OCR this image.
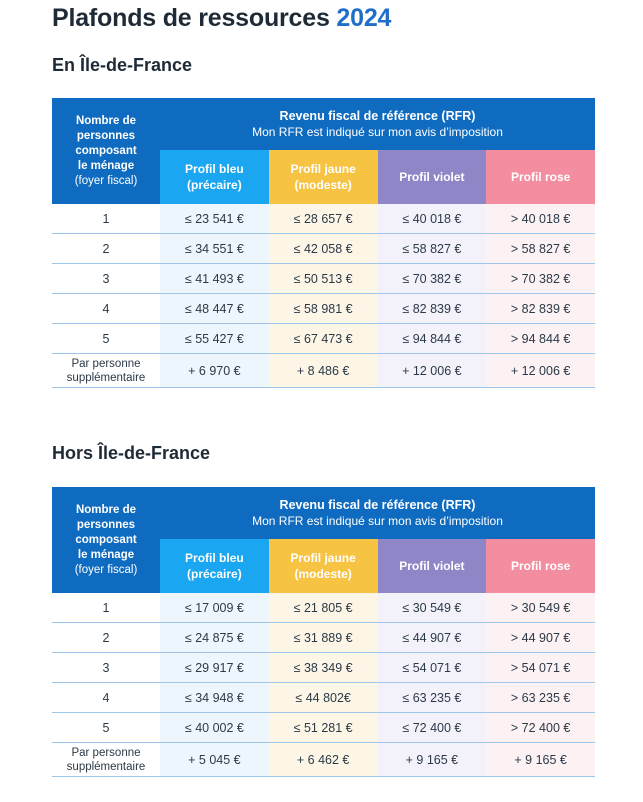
Plafonds de ressources 2024
En Île-de-France
Nombre de
personnes
composant
le ménage
(foyer fiscal)
Revenu fiscal de référence (RFR)
Mon RFR est indiqué sur mon avis d’imposition
Profil bleu
(précaire)
Profil jaune
(modeste)
Profil violet	Profil rose
1	≤ 23 541 €	≤ 28 657 €	≤ 40 018 €	> 40 018 €
2	≤ 34 551 €	≤ 42 058 €	≤ 58 827 €	> 58 827 €
3	≤ 41 493 €	≤ 50 513 €	≤ 70 382 €	> 70 382 €
4	≤ 48 447 €	≤ 58 981 €	≤ 82 839 €	> 82 839 €
5	≤ 55 427 €	≤ 67 473 €	≤ 94 844 €	> 94 844 €
Par personne
supplémentaire	+ 6 970 €	+ 8 486 €	+ 12 006 €	+ 12 006 €
Hors Île-de-France
Nombre de
personnes
composant
le ménage
(foyer fiscal)
Revenu fiscal de référence (RFR)
Mon RFR est indiqué sur mon avis d’imposition
Profil bleu
(précaire)
Profil jaune
(modeste)
Profil violet	Profil rose
1	≤ 17 009 €	≤ 21 805 €	≤ 30 549 €	> 30 549 €
2	≤ 24 875 €	≤ 31 889 €	≤ 44 907 €	> 44 907 €
3	≤ 29 917 €	≤ 38 349 €	≤ 54 071 €	> 54 071 €
4	≤ 34 948 €	≤ 44 802€	≤ 63 235 €	> 63 235 €
5	≤ 40 002 €	≤ 51 281 €	≤ 72 400 €	> 72 400 €
Par personne
supplémentaire	+ 5 045 €	+ 6 462 €	+ 9 165 €	+ 9 165 €
